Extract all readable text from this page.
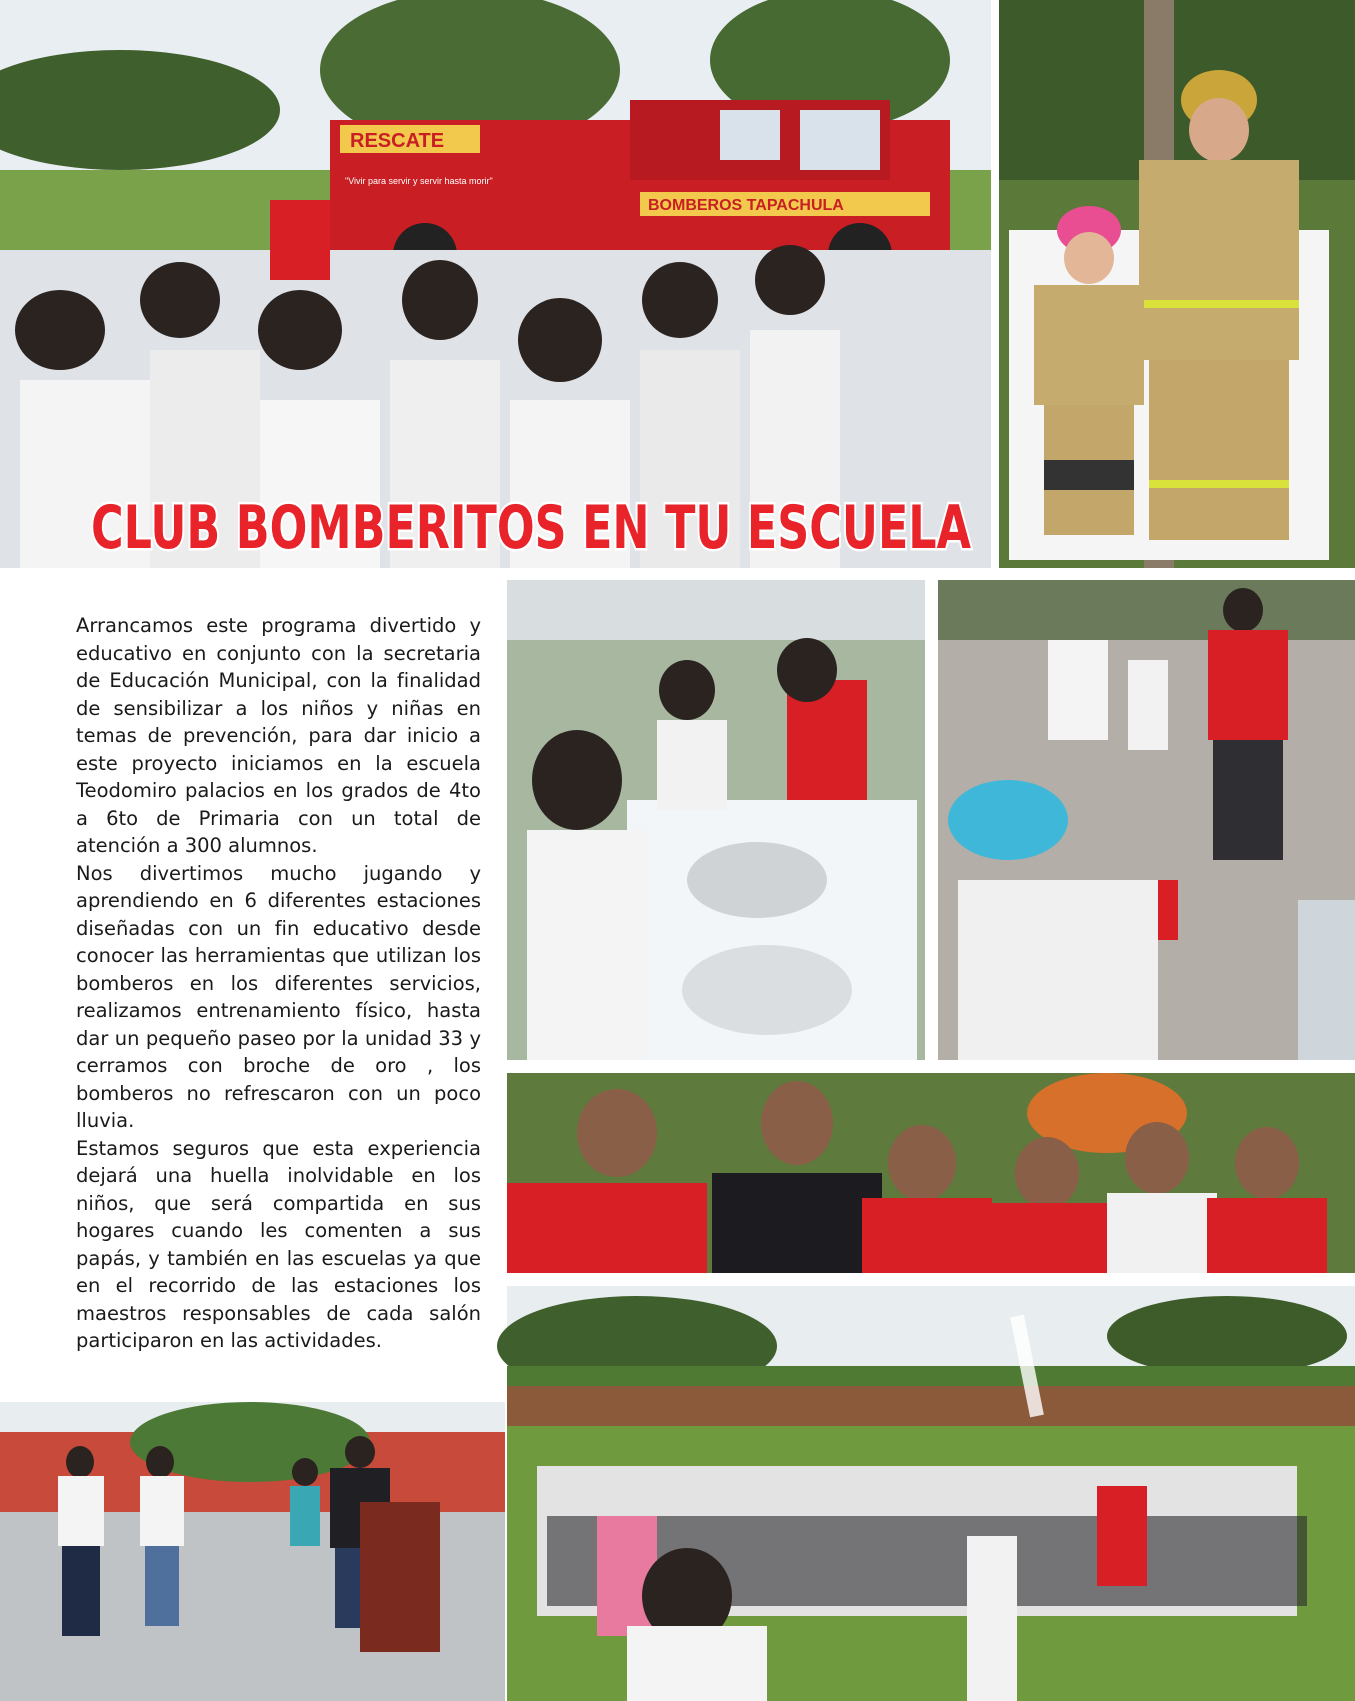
RESCATE
BOMBEROS TAPACHULA
"Vivir para servir y servir hasta morir"
CLUB BOMBERITOS EN TU ESCUELA

Arrancamos este programa divertido y educativo en conjunto con la secretaria de Educación Municipal, con la finalidad de sensibilizar a los niños y niñas en temas de prevención, para dar inicio a este proyecto iniciamos en la escuela Teodomiro palacios en los grados de 4to a 6to de Primaria con un total de atención a 300 alumnos.

Nos divertimos mucho jugando y aprendiendo en 6 diferentes estaciones diseñadas con un fin educativo desde conocer las herramientas que utilizan los bomberos en los diferentes servicios, realizamos entrenamiento físico, hasta dar un pequeño paseo por la unidad 33 y cerramos con broche de oro , los bomberos no refrescaron con un poco lluvia.

Estamos seguros que esta experiencia dejará una huella inolvidable en los niños, que será compartida en sus hogares cuando les comenten a sus papás, y también en las escuelas ya que en el recorrido de las estaciones los maestros responsables de cada salón participaron en las actividades.
